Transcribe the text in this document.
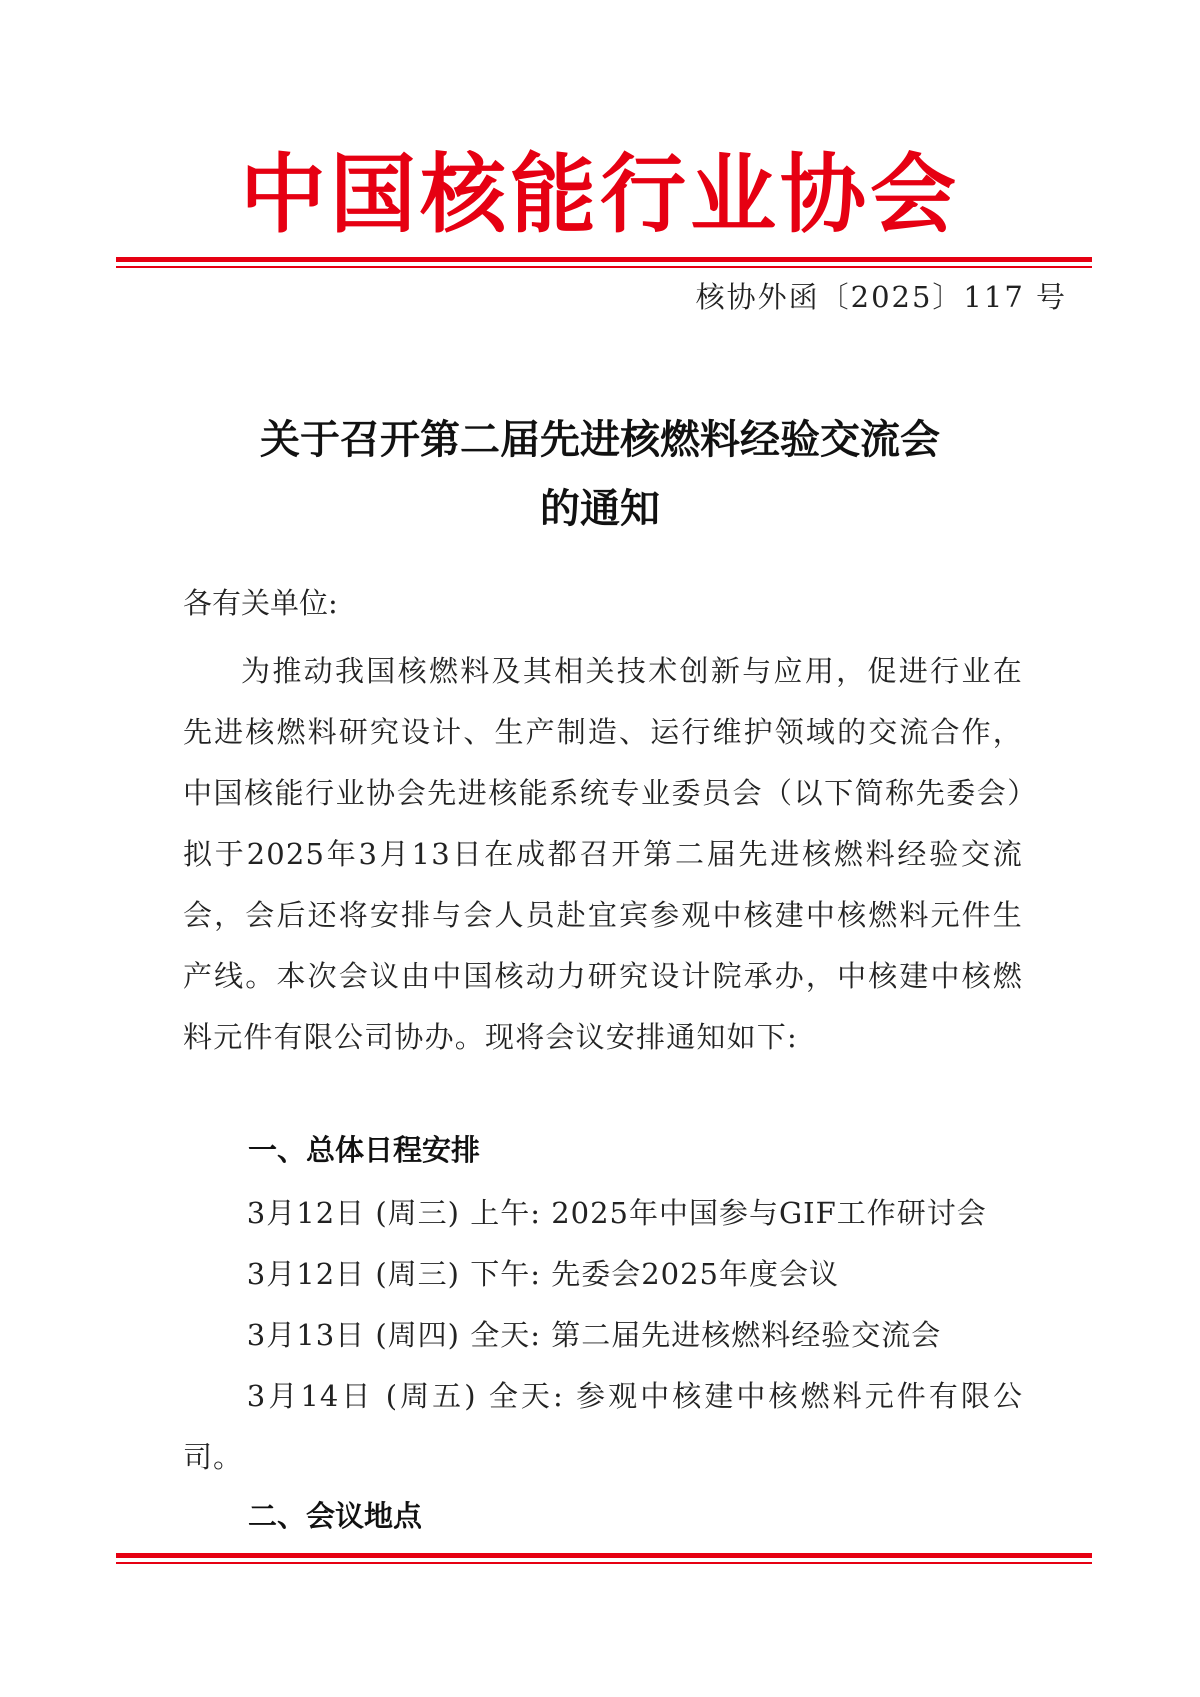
中国核能行业协会
核协外函〔2025〕117 号
关于召开第二届先进核燃料经验交流会
的通知
各有关单位:
为推动我国核燃料及其相关技术创新与应用，促进行业在先进核燃料研究设计、生产制造、运行维护领域的交流合作，中国核能行业协会先进核能系统专业委员会（以下简称先委会）拟于2025年3月13日在成都召开第二届先进核燃料经验交流会，会后还将安排与会人员赴宜宾参观中核建中核燃料元件生产线。本次会议由中国核动力研究设计院承办，中核建中核燃料元件有限公司协办。现将会议安排通知如下:
一、总体日程安排
3月12日 (周三) 上午: 2025年中国参与GIF工作研讨会
3月12日 (周三) 下午: 先委会2025年度会议
3月13日 (周四) 全天: 第二届先进核燃料经验交流会
3月14日 (周五) 全天: 参观中核建中核燃料元件有限公司。
二、会议地点
